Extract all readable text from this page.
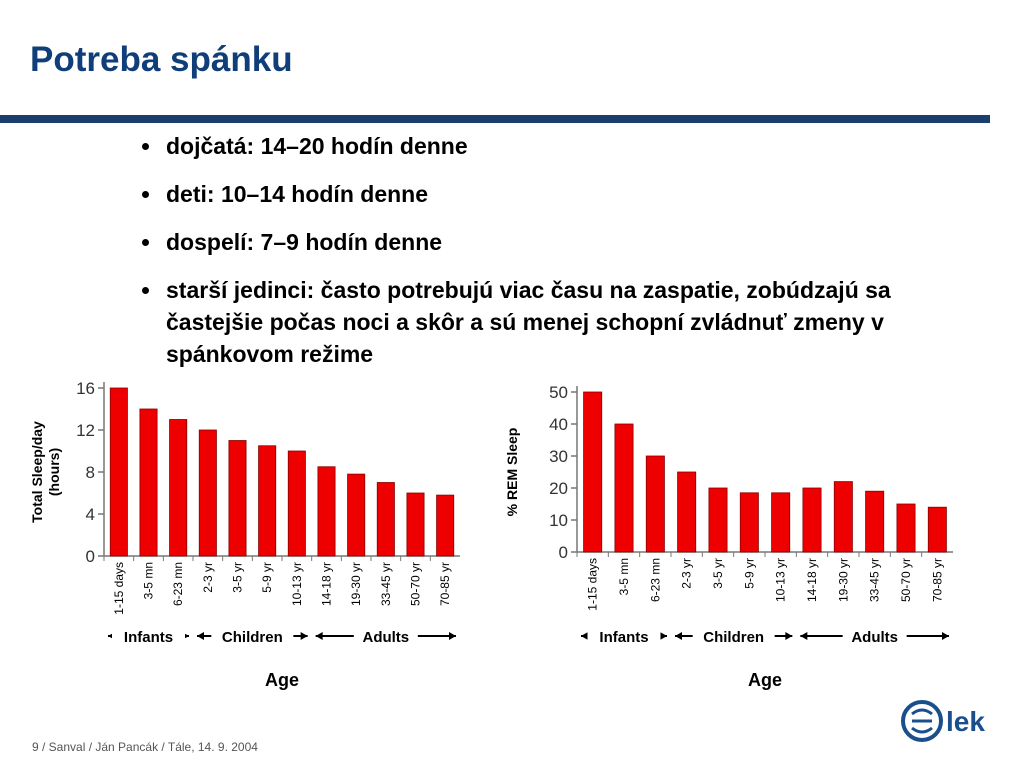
Potreba spánku
dojčatá: 14–20 hodín denne
deti: 10–14 hodín denne
dospelí: 7–9 hodín denne
starší jedinci: často potrebujú viac času na zaspatie, zobúdzajú sa častejšie počas noci a skôr a sú menej schopní zvládnuť zmeny v spánkovom režime
0
4
8
12
16
Total Sleep/day(hours)
1-15 days 3-5 mn 6-23 mn 2-3 yr 3-5 yr 5-9 yr 10-13 yr 14-18 yr 19-30 yr 33-45 yr 50-70 yr 70-85 yr
Infants	Children	Adults
Age
0
10
20
30
40
50
% REM Sleep
1-15 days 3-5 mn 6-23 mn 2-3 yr 3-5 yr 5-9 yr 10-13 yr 14-18 yr 19-30 yr 33-45 yr 50-70 yr 70-85 yr
Infants	Children	Adults
Age
9 / Sanval / Ján Pancák / Tále, 14. 9. 2004
lek
